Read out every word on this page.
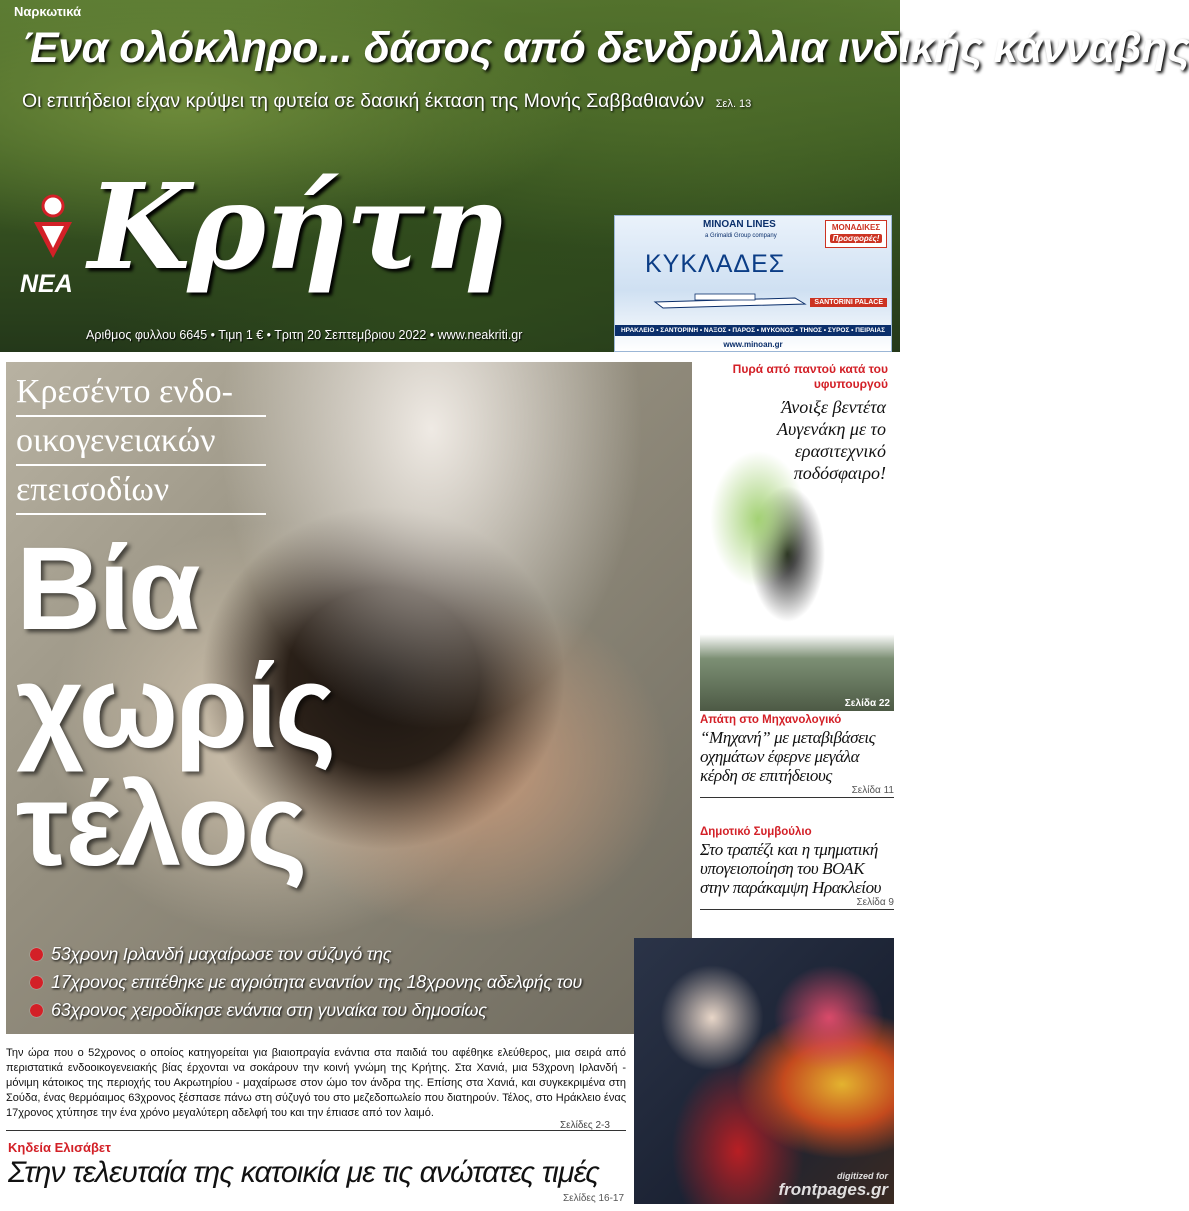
Ναρκωτικά
Ένα ολόκληρο... δάσος από δενδρύλλια ινδικής κάνναβης
Οι επιτήδειοι είχαν κρύψει τη φυτεία σε δασική έκταση της Μονής Σαββαθιανών Σελ. 13
ΝΕΑ Κρήτη
Αριθμος φυλλου 6645 • Τιμη 1 € • Τριτη 20 Σεπτεμβριου 2022 • www.neakriti.gr
MINOAN LINES
a Grimaldi Group company
ΜΟΝΑΔΙΚΕΣ
Προσφορές!
ΚΥΚΛΑΔΕΣ
SANTORINI PALACE
ΗΡΑΚΛΕΙΟ • ΣΑΝΤΟΡΙΝΗ • ΝΑΞΟΣ • ΠΑΡΟΣ • ΜΥΚΟΝΟΣ • ΤΗΝΟΣ • ΣΥΡΟΣ • ΠΕΙΡΑΙΑΣ
www.minoan.gr
Κρεσέντο ενδο-
οικογενειακών
επεισοδίων
Βία
χωρίς
τέλος
53χρονη Ιρλανδή μαχαίρωσε τον σύζυγό της
17χρονος επιτέθηκε με αγριότητα εναντίον της 18χρονης αδελφής του
63χρονος χειροδίκησε ενάντια στη γυναίκα του δημοσίως
Την ώρα που ο 52χρονος ο οποίος κατηγορείται για βιαιοπραγία ενάντια στα παιδιά του αφέθηκε ελεύθερος, μια σειρά από περιστατικά ενδοοικογενειακής βίας έρχονται να σοκάρουν την κοινή γνώμη της Κρήτης. Στα Χανιά, μια 53χρονη Ιρλανδή - μόνιμη κάτοικος της περιοχής του Ακρωτηρίου - μαχαίρωσε στον ώμο τον άνδρα της. Επίσης στα Χανιά, και συγκεκριμένα στη Σούδα, ένας θερμόαιμος 63χρονος ξέσπασε πάνω στη σύζυγό του στο μεζεδοπωλείο που διατηρούν. Τέλος, στο Ηράκλειο ένας 17χρονος χτύπησε την ένα χρόνο μεγαλύτερη αδελφή του και την έπιασε από τον λαιμό.
Σελίδες 2-3
Πυρά από παντού κατά του υφυπουργού
Άνοιξε βεντέτα Αυγενάκη με το ερασιτεχνικό ποδόσφαιρο!
Σελίδα 22
Απάτη στο Μηχανολογικό
“Μηχανή” με μεταβιβάσεις οχημάτων έφερνε μεγάλα κέρδη σε επιτήδειους
Σελίδα 11
Δημοτικό Συμβούλιο
Στο τραπέζι και η τμηματική υπογειοποίηση του ΒΟΑΚ στην παράκαμψη Ηρακλείου
Σελίδα 9
digitized for
frontpages.gr
Κηδεία Ελισάβετ
Στην τελευταία της κατοικία με τις ανώτατες τιμές
Σελίδες 16-17
